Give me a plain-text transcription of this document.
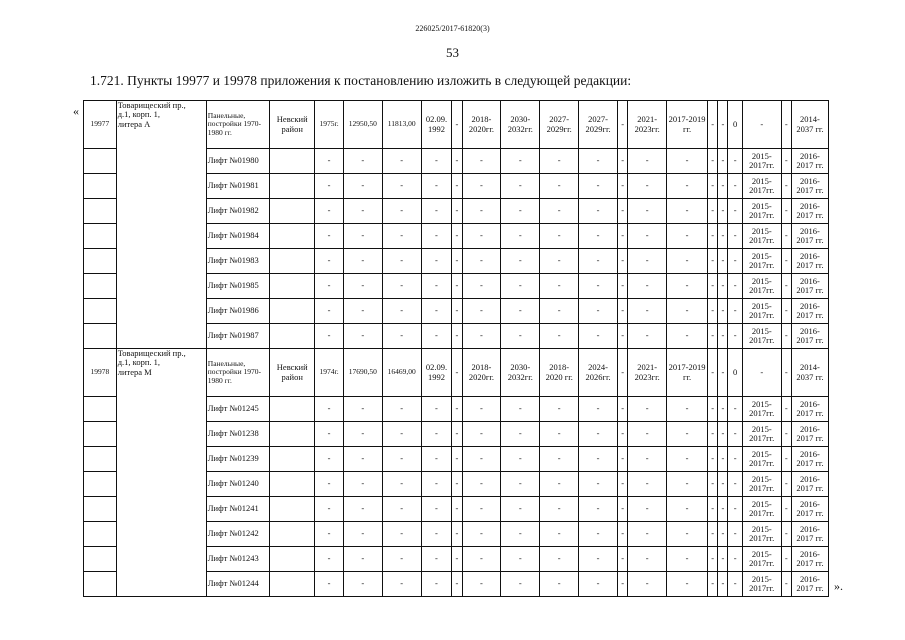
226025/2017-61820(3)
53
1.721. Пункты 19977 и 19978 приложения к постановлению изложить в следующей редакции:
«
19977	Товарищеский пр.,
д.1, корп. 1,
литера А	Панельные, постройки 1970-1980 гг.	Невский район	1975г.	12950,50	11813,00	02.09. 1992	-	2018-2020гг.	2030-2032гг.	2027-2029гг.	2027-2029гг.	-	2021-2023гг.	2017-2019 гг.	-	-	0	-	-	2014-2037 гг.
		Лифт №01980		-	-	-	-	-	-	-	-	-	-	-	-	-	-	-	2015-2017гг.	-	2016-2017 гг.
		Лифт №01981		-	-	-	-	-	-	-	-	-	-	-	-	-	-	-	2015-2017гг.	-	2016-2017 гг.
		Лифт №01982		-	-	-	-	-	-	-	-	-	-	-	-	-	-	-	2015-2017гг.	-	2016-2017 гг.
		Лифт №01984		-	-	-	-	-	-	-	-	-	-	-	-	-	-	-	2015-2017гг.	-	2016-2017 гг.
		Лифт №01983		-	-	-	-	-	-	-	-	-	-	-	-	-	-	-	2015-2017гг.	-	2016-2017 гг.
		Лифт №01985		-	-	-	-	-	-	-	-	-	-	-	-	-	-	-	2015-2017гг.	-	2016-2017 гг.
		Лифт №01986		-	-	-	-	-	-	-	-	-	-	-	-	-	-	-	2015-2017гг.	-	2016-2017 гг.
		Лифт №01987		-	-	-	-	-	-	-	-	-	-	-	-	-	-	-	2015-2017гг.	-	2016-2017 гг.
19978	Товарищеский пр.,
д.1, корп. 1,
литера М	Панельные, постройки 1970-1980 гг.	Невский район	1974г.	17690,50	16469,00	02.09. 1992	-	2018-2020гг.	2030-2032гг.	2018-2020 гг.	2024-2026гг.	-	2021-2023гг.	2017-2019 гг.	-	-	0	-	-	2014-2037 гг.
		Лифт №01245		-	-	-	-	-	-	-	-	-	-	-	-	-	-	-	2015-2017гг.	-	2016-2017 гг.
		Лифт №01238		-	-	-	-	-	-	-	-	-	-	-	-	-	-	-	2015-2017гг.	-	2016-2017 гг.
		Лифт №01239		-	-	-	-	-	-	-	-	-	-	-	-	-	-	-	2015-2017гг.	-	2016-2017 гг.
		Лифт №01240		-	-	-	-	-	-	-	-	-	-	-	-	-	-	-	2015-2017гг.	-	2016-2017 гг.
		Лифт №01241		-	-	-	-	-	-	-	-	-	-	-	-	-	-	-	2015-2017гг.	-	2016-2017 гг.
		Лифт №01242		-	-	-	-	-	-	-	-	-	-	-	-	-	-	-	2015-2017гг.	-	2016-2017 гг.
		Лифт №01243		-	-	-	-	-	-	-	-	-	-	-	-	-	-	-	2015-2017гг.	-	2016-2017 гг.
		Лифт №01244		-	-	-	-	-	-	-	-	-	-	-	-	-	-	-	2015-2017гг.	-	2016-2017 гг. ».
